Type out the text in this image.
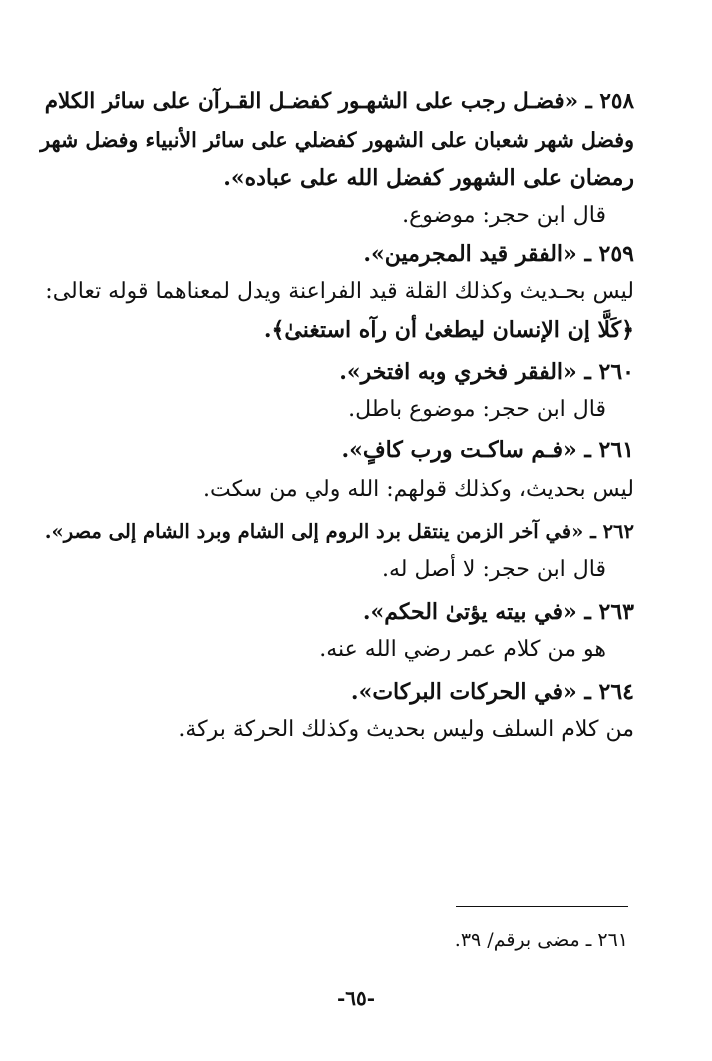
٢٥٨ ـ «فضـل رجب على الشهـور كفضـل القـرآن على سائر الكلام
وفضل شهر شعبان على الشهور كفضلي على سائر الأنبياء وفضل شهر
رمضان على الشهور كفضل الله على عباده».
قال ابن حجر: موضوع.
٢٥٩ ـ «الفقر قيد المجرمين».
ليس بحـديث وكذلك القلة قيد الفراعنة ويدل لمعناهما قوله تعالى:
﴿كَلَّا إن الإنسان ليطغىٰ أن رآه استغنىٰ﴾.
٢٦٠ ـ «الفقر فخري وبه افتخر».
قال ابن حجر: موضوع باطل.
٢٦١ ـ «فـم ساكـت ورب كافٍ».
ليس بحديث، وكذلك قولهم: الله ولي من سكت.
٢٦٢ ـ «في آخر الزمن ينتقل برد الروم إلى الشام وبرد الشام إلى مصر».
قال ابن حجر: لا أصل له.
٢٦٣ ـ «في بيته يؤتىٰ الحكم».
هو من كلام عمر رضي الله عنه.
٢٦٤ ـ «في الحركات البركات».
من كلام السلف وليس بحديث وكذلك الحركة بركة.
٢٦١ ـ مضى برقم/ ٣٩.
-٦٥-
